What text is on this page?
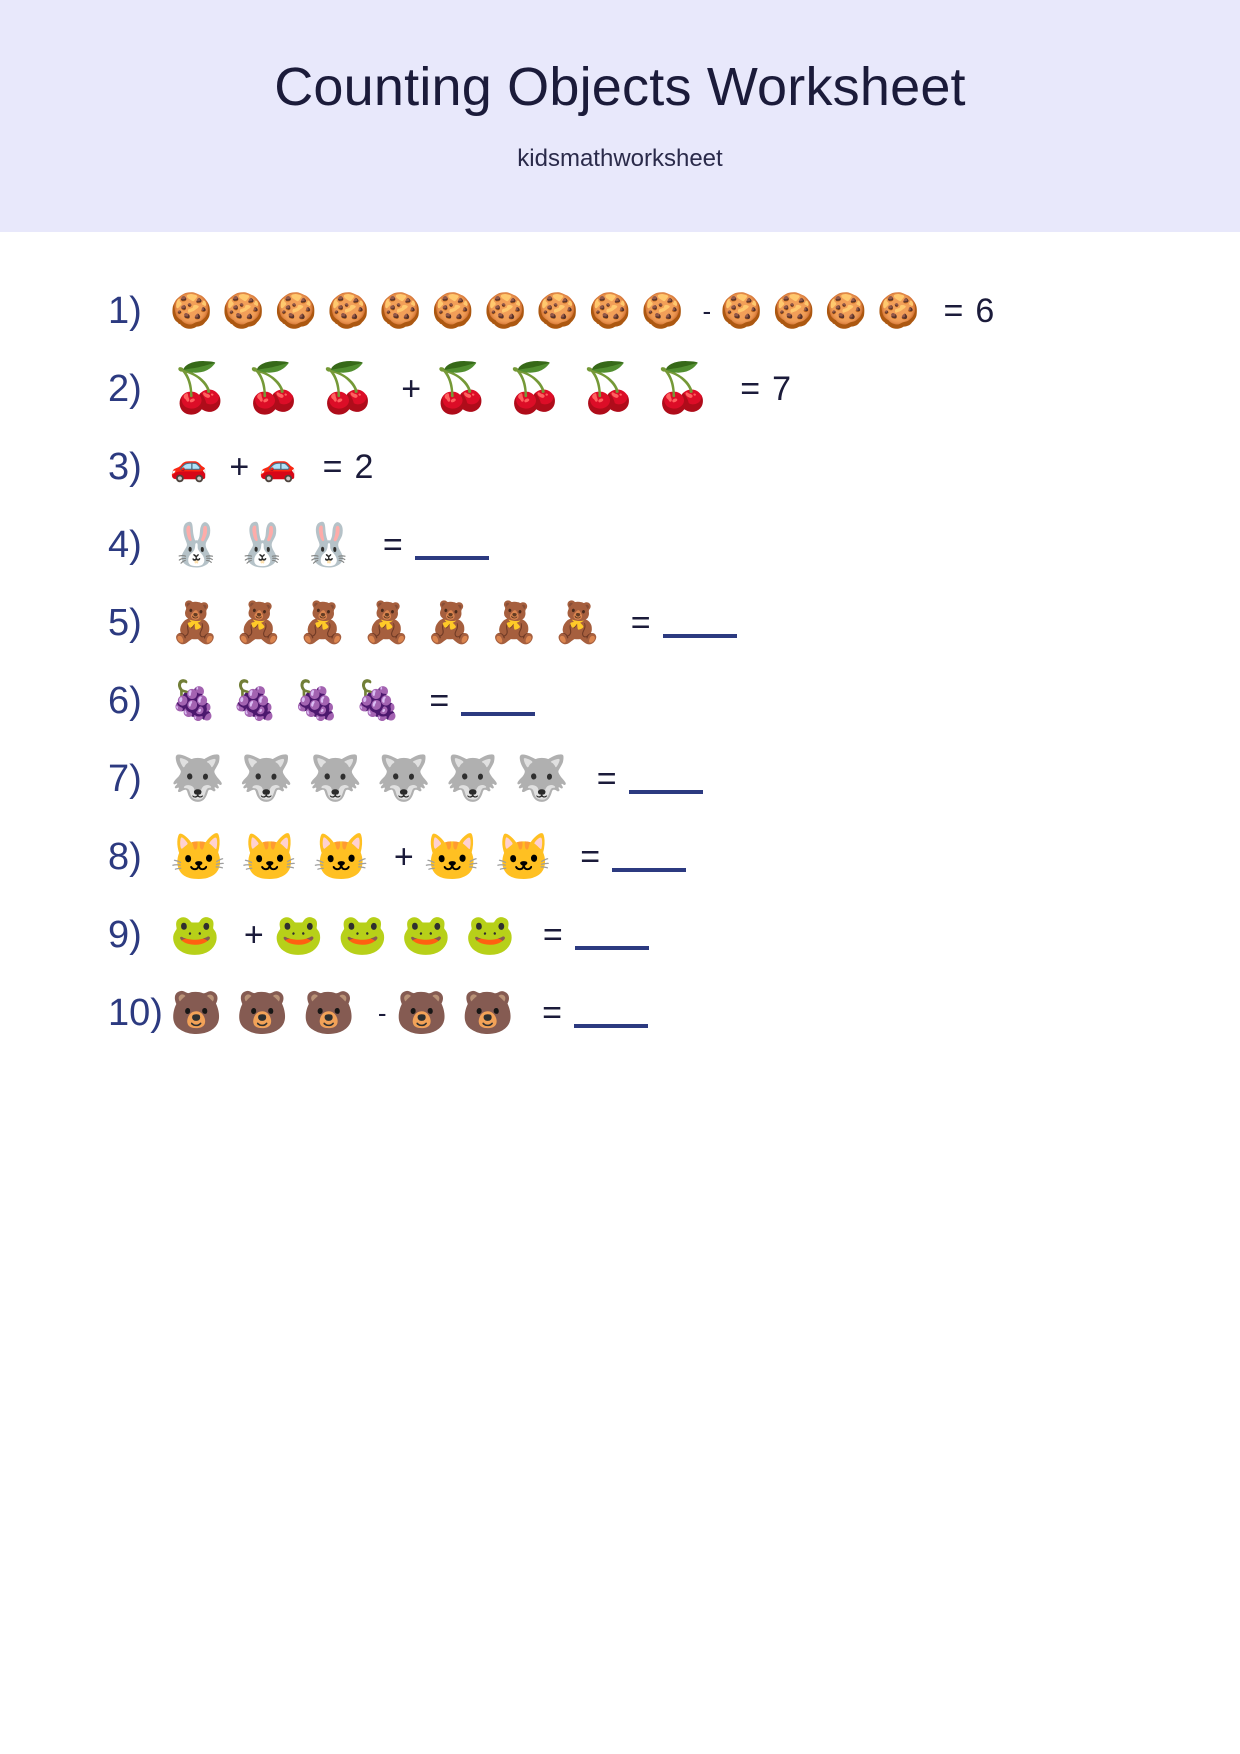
Counting Objects Worksheet
kidsmathworksheet
1) 🍪 🍪 🍪 🍪 🍪 🍪 🍪 🍪 🍪 🍪 - 🍪 🍪 🍪 🍪 = 6
2) 🍒 🍒 🍒 + 🍒 🍒 🍒 🍒 = 7
3) 🚗 + 🚗 = 2
4) 🐰 🐰 🐰 =
5) 🧸 🧸 🧸 🧸 🧸 🧸 🧸 =
6) 🍇 🍇 🍇 🍇 =
7) 🐺 🐺 🐺 🐺 🐺 🐺 =
8) 🐱 🐱 🐱 + 🐱 🐱 =
9) 🐸 + 🐸 🐸 🐸 🐸 =
10) 🐻 🐻 🐻 - 🐻 🐻 =
